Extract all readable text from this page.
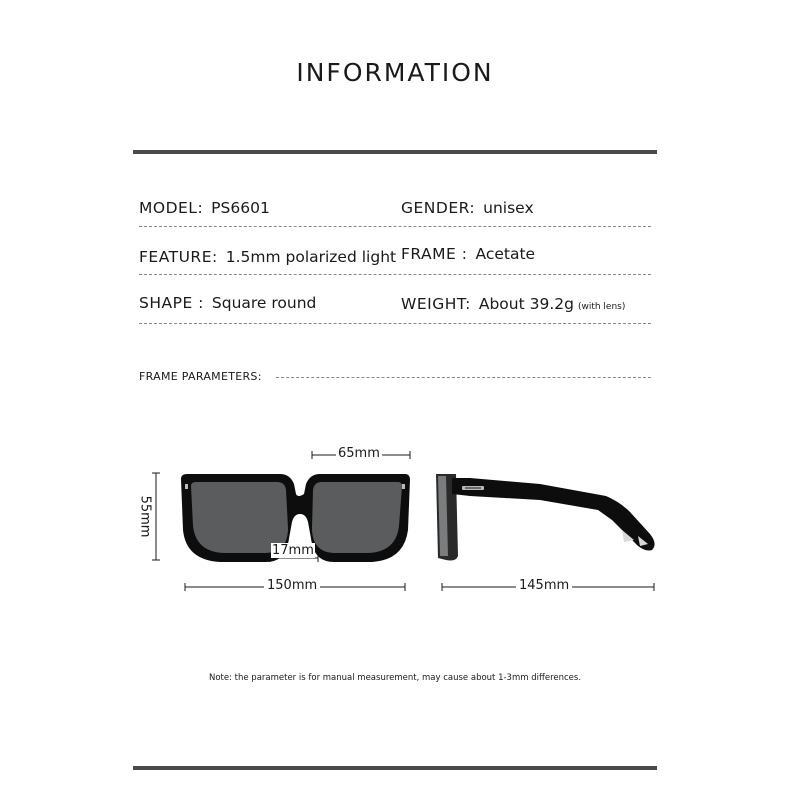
INFORMATION
MODEL: PS6601	GENDER: unisex
FEATURE: 1.5mm polarized light FRAME : Acetate
SHAPE : Square round	WEIGHT: About 39.2g (with lens)
FRAME PARAMETERS:
65mm
55mm
17mm
150mm	145mm
Note: the parameter is for manual measurement, may cause about 1-3mm differences.
